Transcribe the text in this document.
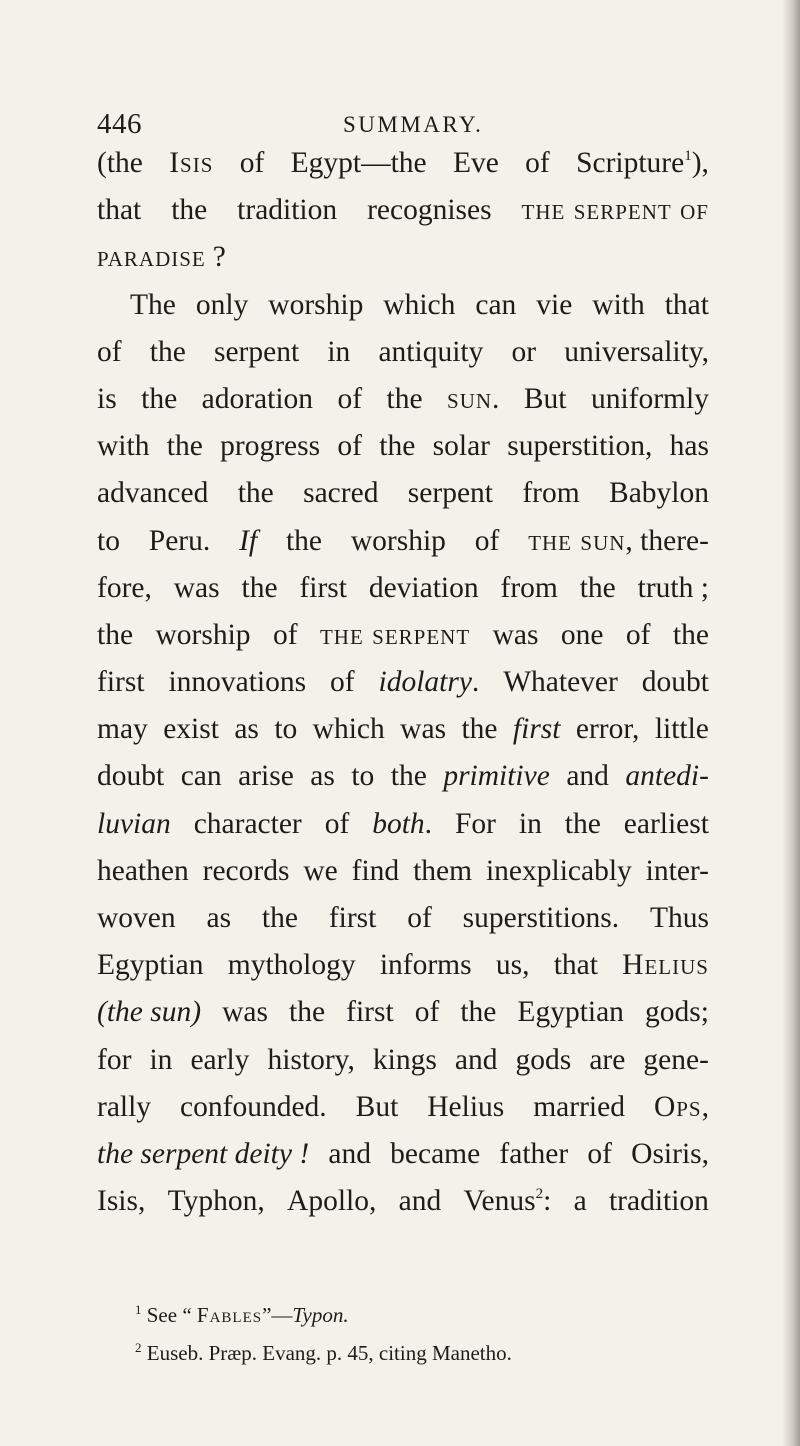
446	SUMMARY.
(the Isis of Egypt—the Eve of Scripture$^1$),
that the tradition recognises the serpent of
paradise ?
The only worship which can vie with that
of the serpent in antiquity or universality,
is the adoration of the sun. But uniformly
with the progress of the solar superstition, has
advanced the sacred serpent from Babylon
to Peru. If the worship of the sun, there-
fore, was the first deviation from the truth ;
the worship of the serpent was one of the
first innovations of idolatry. Whatever doubt
may exist as to which was the first error, little
doubt can arise as to the primitive and antedi-
luvian character of both. For in the earliest
heathen records we find them inexplicably inter-
woven as the first of superstitions. Thus
Egyptian mythology informs us, that Helius
(the sun) was the first of the Egyptian gods;
for in early history, kings and gods are gene-
rally confounded. But Helius married Ops,
the serpent deity ! and became father of Osiris,
Isis, Typhon, Apollo, and Venus$^2$: a tradition
$^1$ See “ Fables”—Typon.
$^2$ Euseb. Præp. Evang. p. 45, citing Manetho.
